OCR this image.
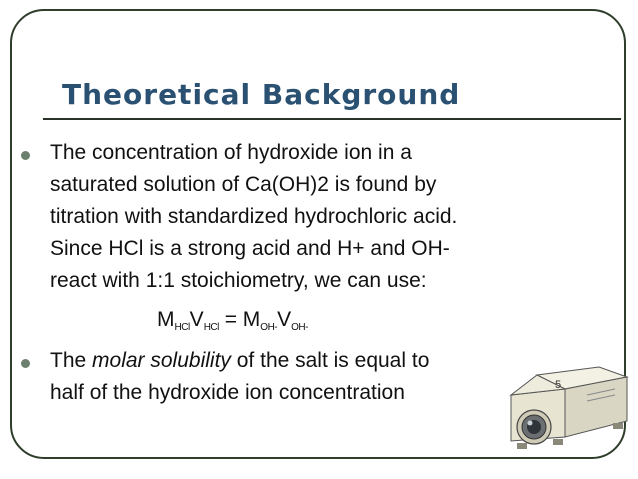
Theoretical Background
The concentration of hydroxide ion in a
saturated solution of Ca(OH)2 is found by
titration with standardized hydrochloric acid.
Since HCl is a strong acid and H+ and OH-
react with 1:1 stoichiometry, we can use:
$M_{HCl}V_{HCl} = M_{OH-}V_{OH-}$
The molar solubility of the salt is equal to
half of the hydroxide ion concentration	5
